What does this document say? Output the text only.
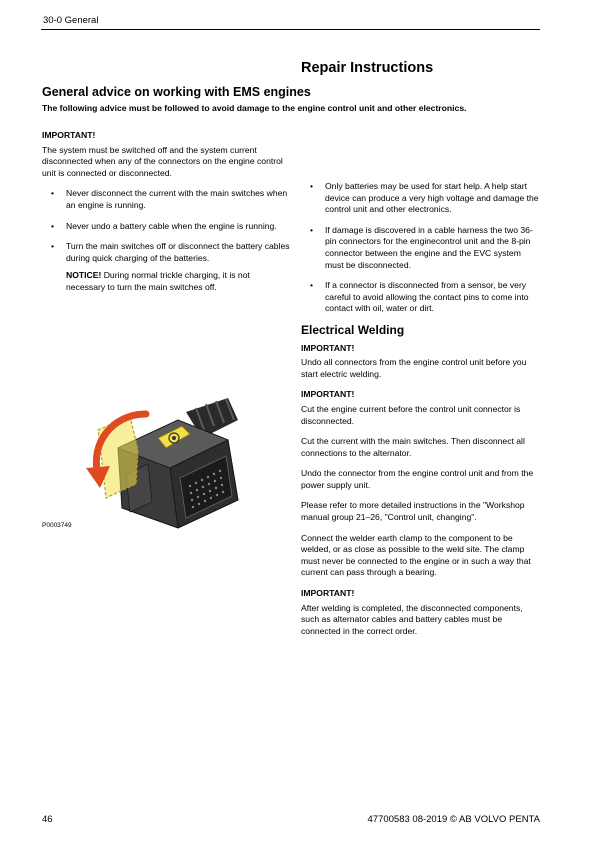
30-0 General
Repair Instructions
General advice on working with EMS engines
The following advice must be followed to avoid damage to the engine control unit and other electronics.
IMPORTANT!

The system must be switched off and the system current disconnected when any of the connectors on the engine control unit is connected or disconnected.

• Never disconnect the current with the main switches when an engine is running.
• Never undo a battery cable when the engine is running.
• Turn the main switches off or disconnect the battery cables during quick charging of the batteries.
NOTICE! During normal trickle charging, it is not necessary to turn the main switches off.
P0003749
• Only batteries may be used for start help. A help start device can produce a very high voltage and damage the control unit and other electronics.
• If damage is discovered in a cable harness the two 36-pin connectors for the enginecontrol unit and the 8-pin connector between the engine and the EVC system must be disconnected.
• If a connector is disconnected from a sensor, be very careful to avoid allowing the contact pins to come into contact with oil, water or dirt.
Electrical Welding
IMPORTANT!

Undo all connectors from the engine control unit before you start electric welding.

IMPORTANT!

Cut the engine current before the control unit connector is disconnected.

Cut the current with the main switches. Then disconnect all connections to the alternator.

Undo the connector from the engine control unit and from the power supply unit.

Please refer to more detailed instructions in the "Workshop manual group 21–26, "Control unit, changing".

Connect the welder earth clamp to the component to be welded, or as close as possible to the weld site. The clamp must never be connected to the engine or in such a way that current can pass through a bearing.

IMPORTANT!

After welding is completed, the disconnected components, such as alternator cables and battery cables must be connected in the correct order.

46	47700583 08-2019 © AB VOLVO PENTA
